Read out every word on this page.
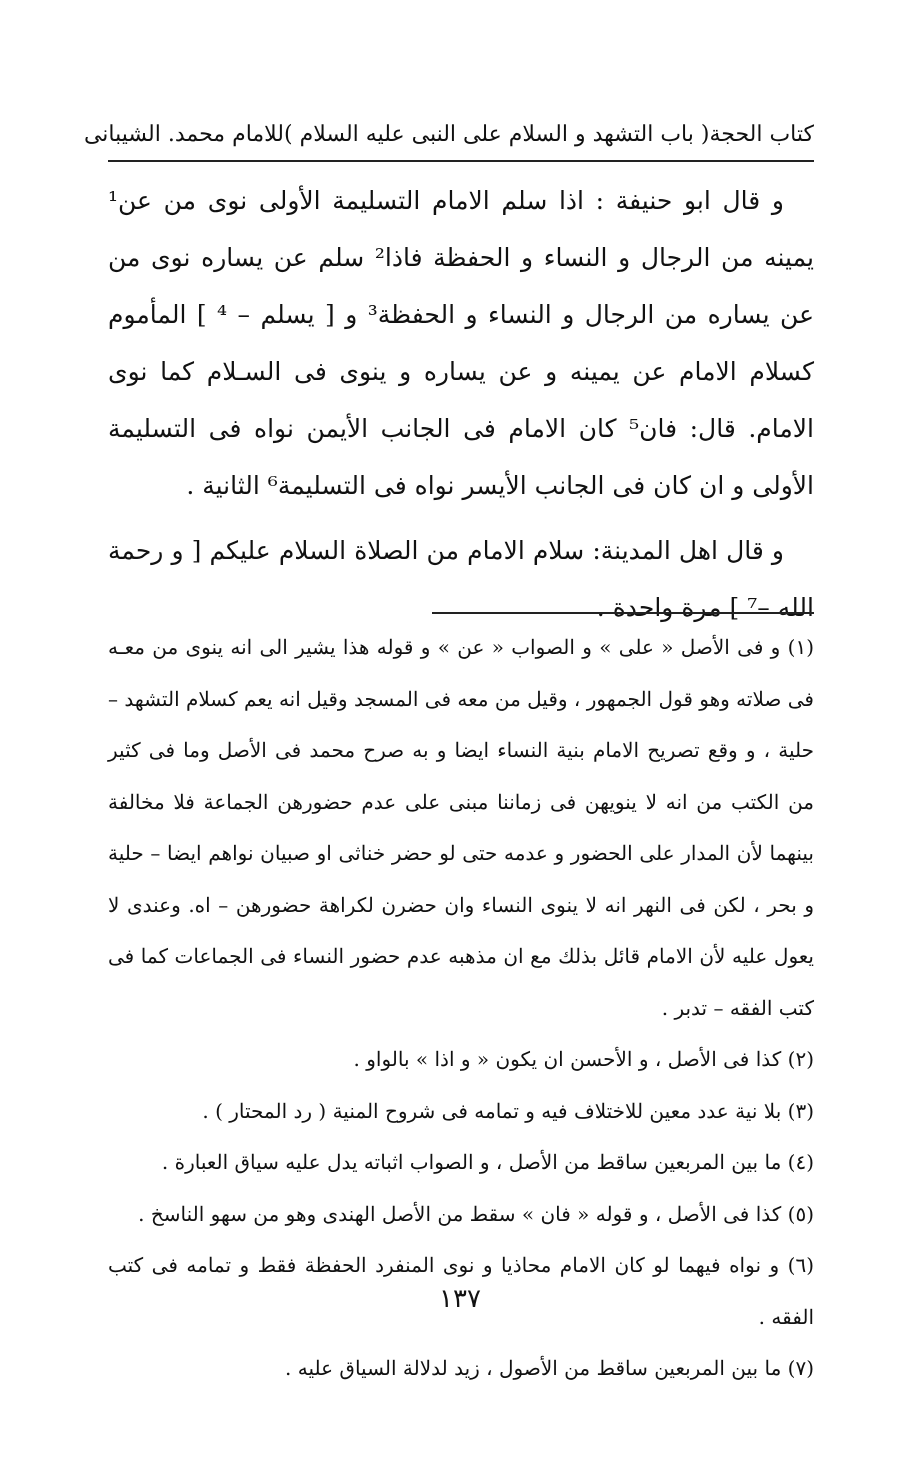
كتاب الحجة
( باب التشهد و السلام على النبى عليه السلام )
للامام محمد. الشيبانى

و قال ابو حنيفة : اذا سلم الامام التسليمة الأولى نوى من عن¹ يمينه من الرجال و النساء و الحفظة فاذا² سلم عن يساره نوى من عن يساره من الرجال و النساء و الحفظة³ و [ يسلم – ⁴ ] المأموم كسلام الامام عن يمينه و عن يساره و ينوى فى السـلام كما نوى الامام. قال: فان⁵ كان الامام فى الجانب الأيمن نواه فى التسليمة الأولى و ان كان فى الجانب الأيسر نواه فى التسليمة⁶ الثانية .

و قال اهل المدينة: سلام الامام من الصلاة السلام عليكم [ و رحمة الله –⁷ ] مرة واحدة .

(١) و فى الأصل « على » و الصواب « عن » و قوله هذا يشير الى انه ينوى من معـه فى صلاته وهو قول الجمهور ، وقيل من معه فى المسجد وقيل انه يعم كسلام التشهد – حلية ، و وقع تصريح الامام بنية النساء ايضا و به صرح محمد فى الأصل وما فى كثير من الكتب من انه لا ينويهن فى زماننا مبنى على عدم حضورهن الجماعة فلا مخالفة بينهما لأن المدار على الحضور و عدمه حتى لو حضر خناثى او صبيان نواهم ايضا – حلية و بحر ، لكن فى النهر انه لا ينوى النساء وان حضرن لكراهة حضورهن – اه. وعندى لا يعول عليه لأن الامام قائل بذلك مع ان مذهبه عدم حضور النساء فى الجماعات كما فى كتب الفقه – تدبر .

(٢) كذا فى الأصل ، و الأحسن ان يكون « و اذا » بالواو .

(٣) بلا نية عدد معين للاختلاف فيه و تمامه فى شروح المنية ( رد المحتار ) .

(٤) ما بين المربعين ساقط من الأصل ، و الصواب اثباته يدل عليه سياق العبارة .

(٥) كذا فى الأصل ، و قوله « فان » سقط من الأصل الهندى وهو من سهو الناسخ .

(٦) و نواه فيهما لو كان الامام محاذيا و نوى المنفرد الحفظة فقط و تمامه فى كتب الفقه .

(٧) ما بين المربعين ساقط من الأصول ، زيد لدلالة السياق عليه .

١٣٧
